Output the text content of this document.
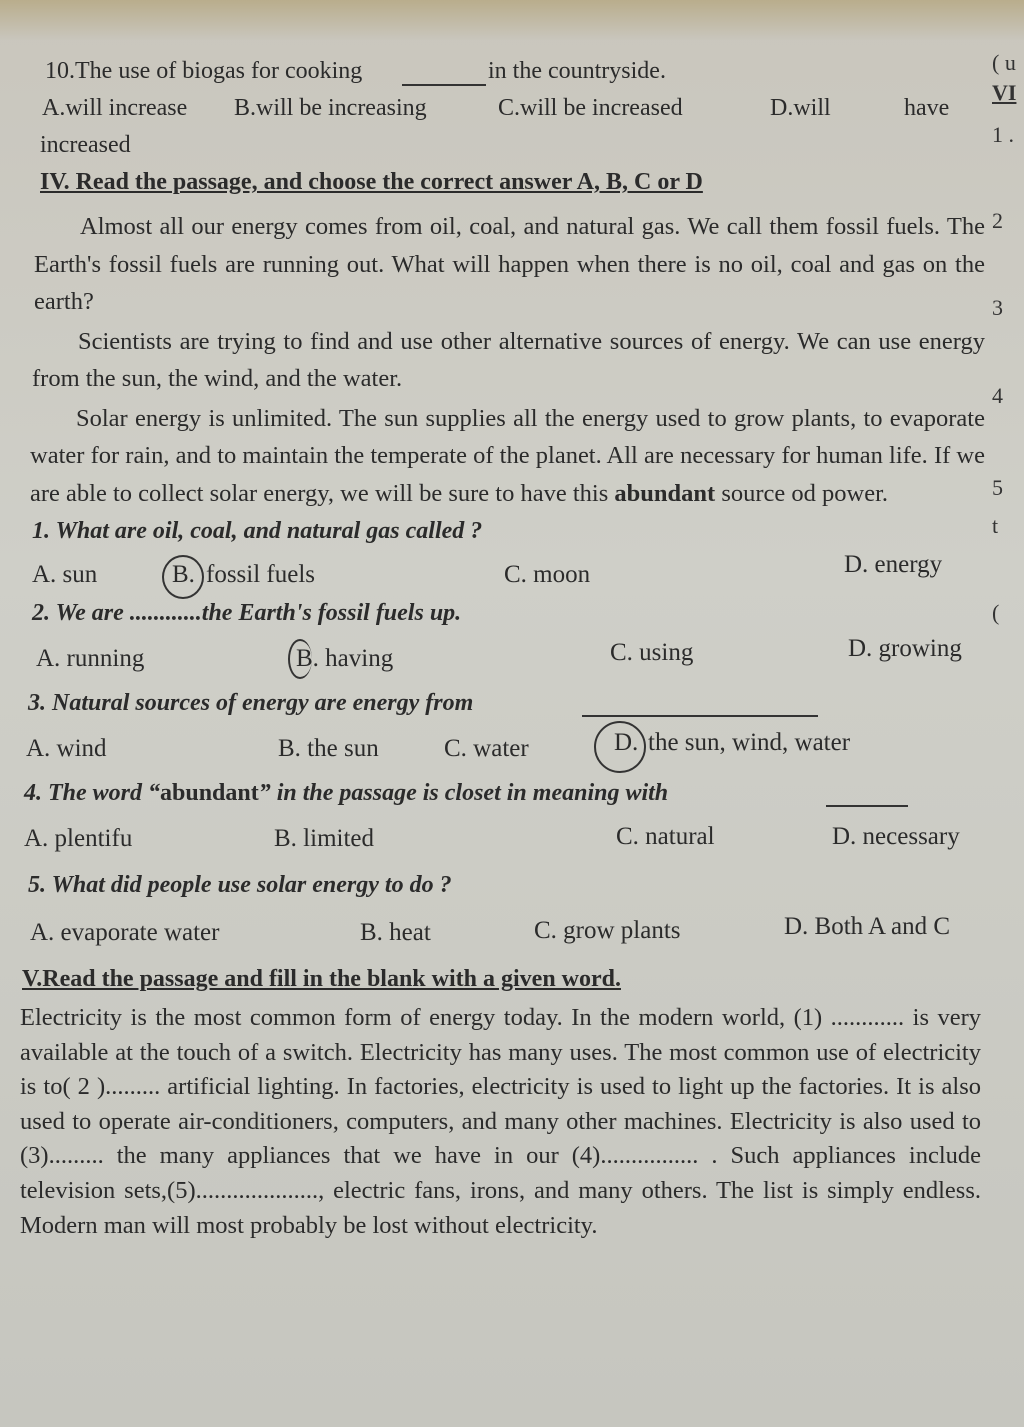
( u
VI
1 .
2
3
4
5
t
(
10.The use of biogas for cooking	in the countryside.
A.will increase B.will be increasing	C.will be increased	D.will	have
increased
IV. Read the passage, and choose the correct answer A, B, C or D
Almost all our energy comes from oil, coal, and natural gas. We call them fossil fuels. The Earth's fossil fuels are running out. What will happen when there is no oil, coal and gas on the earth?
Scientists are trying to find and use other alternative sources of energy. We can use energy from the sun, the wind, and the water.
Solar energy is unlimited. The sun supplies all the energy used to grow plants, to evaporate water for rain, and to maintain the temperate of the planet. All are necessary for human life. If we are able to collect solar energy, we will be sure to have this abundant source od power.
1. What are oil, coal, and natural gas called ?
A. sun	B. fossil fuels	C. moon	D. energy
2. We are ............the Earth's fossil fuels up.
A. running	B. having	C. using	D. growing
3. Natural sources of energy are energy from
A. wind	B. the sun	C. water	D. the sun, wind, water
4. The word “abundant” in the passage is closet in meaning with
A. plentifu	B. limited	C. natural	D. necessary
5. What did people use solar energy to do ?
A. evaporate water	B. heat	C. grow plants	D. Both A and C
V.Read the passage and fill in the blank with a given word.
Electricity is the most common form of energy today. In the modern world, (1) ............ is very available at the touch of a switch. Electricity has many uses. The most common use of electricity is to( 2 )......... artificial lighting. In factories, electricity is used to light up the factories. It is also used to operate air-conditioners, computers, and many other machines. Electricity is also used to (3)......... the many appliances that we have in our (4)................ . Such appliances include television sets,(5)...................., electric fans, irons, and many others. The list is simply endless. Modern man will most probably be lost without electricity.
